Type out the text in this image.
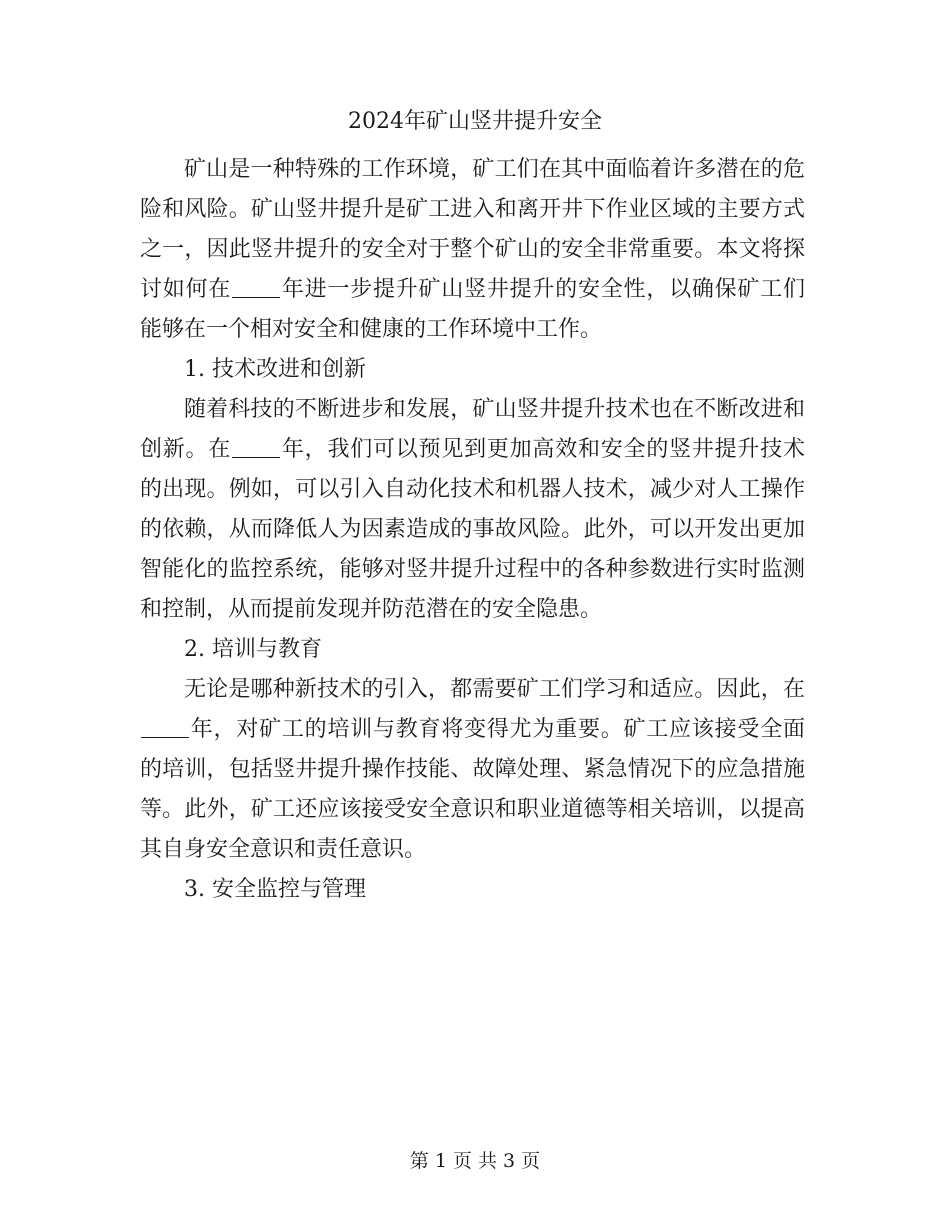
2024年矿山竖井提升安全

矿山是一种特殊的工作环境，矿工们在其中面临着许多潜在的危险和风险。矿山竖井提升是矿工进入和离开井下作业区域的主要方式之一，因此竖井提升的安全对于整个矿山的安全非常重要。本文将探讨如何在 年进一步提升矿山竖井提升的安全性，以确保矿工们能够在一个相对安全和健康的工作环境中工作。

1. 技术改进和创新

随着科技的不断进步和发展，矿山竖井提升技术也在不断改进和创新。在 年，我们可以预见到更加高效和安全的竖井提升技术的出现。例如，可以引入自动化技术和机器人技术，减少对人工操作的依赖，从而降低人为因素造成的事故风险。此外，可以开发出更加智能化的监控系统，能够对竖井提升过程中的各种参数进行实时监测和控制，从而提前发现并防范潜在的安全隐患。

2. 培训与教育

无论是哪种新技术的引入，都需要矿工们学习和适应。因此，在年，对矿工的培训与教育将变得尤为重要。矿工应该接受全面的培训，包括竖井提升操作技能、故障处理、紧急情况下的应急措施等。此外，矿工还应该接受安全意识和职业道德等相关培训，以提高其自身安全意识和责任意识。

3. 安全监控与管理

第 1 页 共 3 页
